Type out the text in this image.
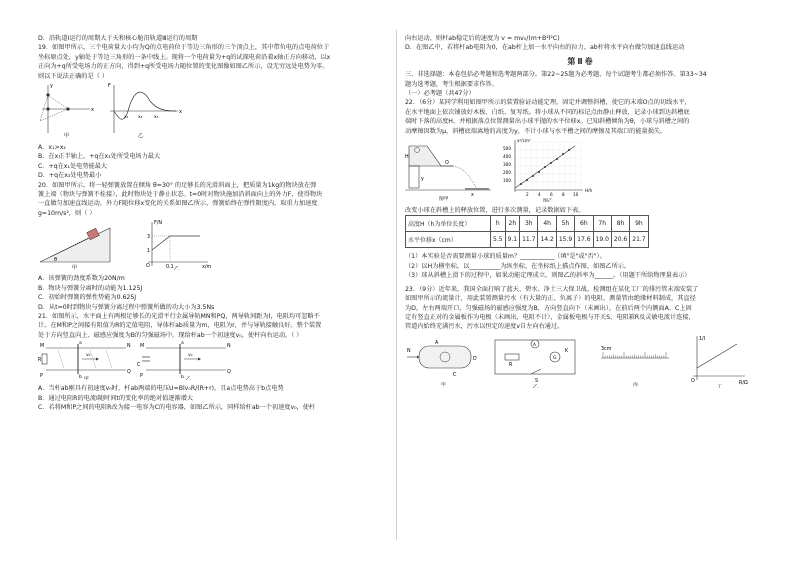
D．沿轨道Ⅰ运行的周期大于天和核心舱沿轨道Ⅲ运行的周期
19．如图甲所示，三个电荷量大小均为Q的点电荷位于等边三角形的三个顶点上，其中带负电的点电荷位于
坐标原点处，y轴处于等边三角形的一条中线上。现将一个电荷量为+q的试探电荷沿着x轴正方向移动，以x
正向为+q所受电场力的正方向，得到+q所受电场力随位置的变化图像如图乙所示，设无穷远处电势为零。
则以下说法正确的是（ ）
x
y
甲
F
x
x₁ x₂	x₃
乙
A．x₁>x₂
B．在x正半轴上，+q在x₃处所受电场力最大
C．+q在x₁处电势能最大
D．+q在x₃处电势最小
20．如图甲所示，将一轻弹簧放置在倾角 θ=30° 的足够长的光滑斜面上，把质量为1kg的物块放在弹
簧上端（物块与弹簧不拴接），此时物块处于静止状态。t=0时对物块施加沿斜面向上的外力F，使得物块
一直做匀加速直线运动，外力F随位移x变化的关系如图乙所示，弹簧始终在弹性限度内，取重力加速度
g=10m/s²，则（ ）
θ
甲
F/N
x/m
3
1
0.1
O	乙
A．该弹簧的劲度系数为20N/m
B．物块与弹簧分离时的动能为1.125J
C．初始时弹簧的弹性势能为0.625J
D．从t=0时到物块与弹簧分离过程中弹簧所做的功大小为3.5Ns
21．如图所示，水平面上有两根足够长的光滑平行金属导轨MN和PQ，两导轨间距为l，电阻均可忽略不
计。在M和P之间接有阻值为R的定值电阻，导体杆ab质量为m，电阻为r，并与导轨接触良好。整个装置
处于方向竖直向上、磁感应强度为B的匀强磁场中。现给杆ab一个初速度v₀，使杆向右运动。（ ）
M	N
P
Q
R
a
b
v₀
甲
M	N
P
Q
C
a
b
v₀
乙
A．当杆ab刚具有初速度v₀时，杆ab两端的电压U=Blv₀R/(R+r)，且a点电势高于b点电势
B．通过电阻R的电流I随时间t的变化率的绝对值逐渐增大
C．若将M和P之间的电阻R改为接一电容为C的电容器，如图乙所示，同样给杆ab一个初速度v₀，使杆
向右运动，则杆ab稳定后的速度为 v = mv₀/(m+B²l²C)
D．在图乙中，若将杆ab电阻为0，在ab杆上加一水平向右的拉力，ab杆将水平向右做匀加速直线运动
第Ⅱ卷
三、非选择题：本卷包括必考题和选考题两部分。第22~25题为必考题，每个试题考生都必须作答。第33~34
题为选考题，考生根据要求作答。
（一）必考题（共47分）
22．（6分）某同学利用如图甲所示的装置验证动能定理，固定并调整斜槽，使它的末端O点的切线水平，
在水平地面上依次铺放好木板、白纸、复写纸。将小球从不同的标记点由静止释放，记录小球到达斜槽底
端时下落的高度H，并根据落点位置测量出小球平抛的水平位移x。已知斜槽倾角为θ，小球与斜槽之间的
动摩擦因数为μ，斜槽底端离地的高度为y，不计小球与水平槽之间的摩擦及其端口的能量损失。
O
H
y
x
图甲
500
400
300
200
100
2 4 6 8 10
x²/cm²
H/h
图乙
改变小球在斜槽上的释放位置，进行多次测量，记录数据如下表。
高度H（h为单位长度）	h	2h	3h	4h	5h	6h	7h	8h	9h
水平位移x（cm）	5.5	9.1	11.7	14.2	15.9	17.6	19.0	20.6	21.7
（1）本实验是否需要测量小球的质量m？___________（填"是"或"否"）。
（2）以H为横坐标，以__________为纵坐标，在坐标纸上描点作图，如图乙所示。
（3）球从斜槽上滑下的过程中，如果动能定理成立，则图乙的斜率为______。（用题干所给物理量表示）
23．（9分）近年来，我国全面打响了蓝天、碧水、净土三大保卫战，检测组在某化工厂的排污管末端安装了
如图甲所示的流量计，用此装置测量污水（有大量的正、负离子）的电阻，测量管由绝缘材料制成，其直径
为D，左右两端开口，匀强磁场的磁感应强度为B，方向竖直向下（未画出），在前后两个内侧面A、C上固
定有竖直正对的金属板作为电极（未画出，电阻不计），金属板电极与开关S、电阻箱R及灵敏电流计连接，
管道内始终充满污水，污水以恒定的速度v自左向右通过。
N
A
C
D
甲
A
R
G
S
K
乙
3cm
丙
1/I
R/Ω
O
丁
